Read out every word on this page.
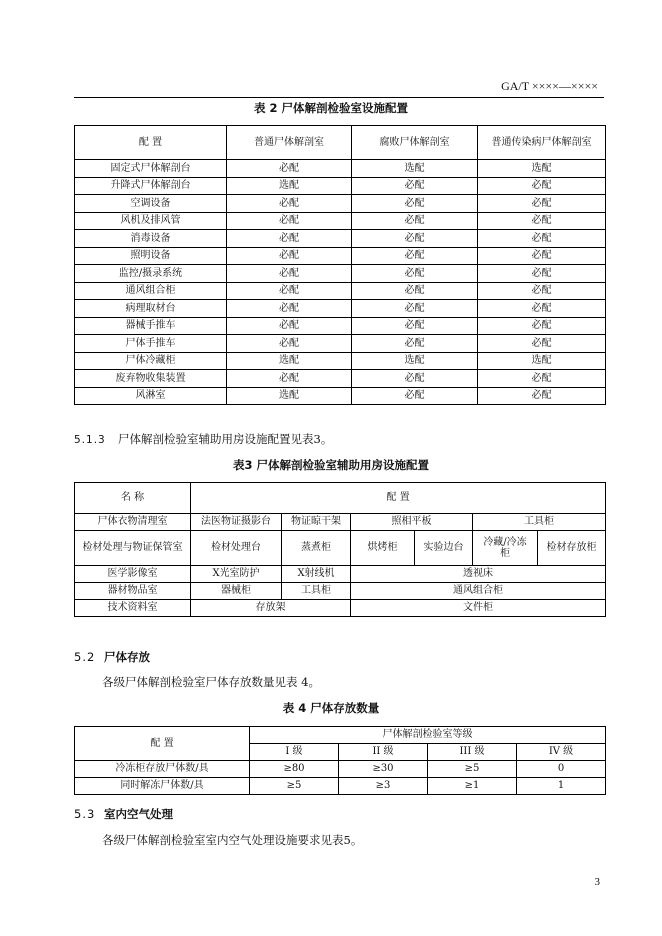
GA/T ××××—××××
表 2 尸体解剖检验室设施配置
配 置	普通尸体解剖室	腐败尸体解剖室	普通传染病尸体解剖室
固定式尸体解剖台	必配	选配	选配
升降式尸体解剖台	选配	必配	必配
空调设备	必配	必配	必配
风机及排风管	必配	必配	必配
消毒设备	必配	必配	必配
照明设备	必配	必配	必配
监控/摄录系统	必配	必配	必配
通风组合柜	必配	必配	必配
病理取材台	必配	必配	必配
器械手推车	必配	必配	必配
尸体手推车	必配	必配	必配
尸体冷藏柜	选配	选配	选配
废弃物收集装置	必配	必配	必配
风淋室	选配	必配	必配
5.1.3 尸体解剖检验室辅助用房设施配置见表3。
表3 尸体解剖检验室辅助用房设施配置
名 称	配 置					
尸体衣物清理室	法医物证摄影台	物证晾干架	照相平板		工具柜	
检材处理与物证保管室	检材处理台	蒸煮柜	烘烤柜	实验边台	冷藏/冷冻柜	检材存放柜
医学影像室	X光室防护	X射线机	透视床			
器材物品室	器械柜	工具柜	通风组合柜			
技术资料室	存放架		文件柜			
5.2 尸体存放
各级尸体解剖检验室尸体存放数量见表 4。
表 4 尸体存放数量
配 置	尸体解剖检验室等级			
	I 级	II 级	III 级	IV 级
冷冻柜存放尸体数/具	≥80	≥30	≥5	0
同时解冻尸体数/具	≥5	≥3	≥1	1
5.3 室内空气处理
各级尸体解剖检验室室内空气处理设施要求见表5。
3
